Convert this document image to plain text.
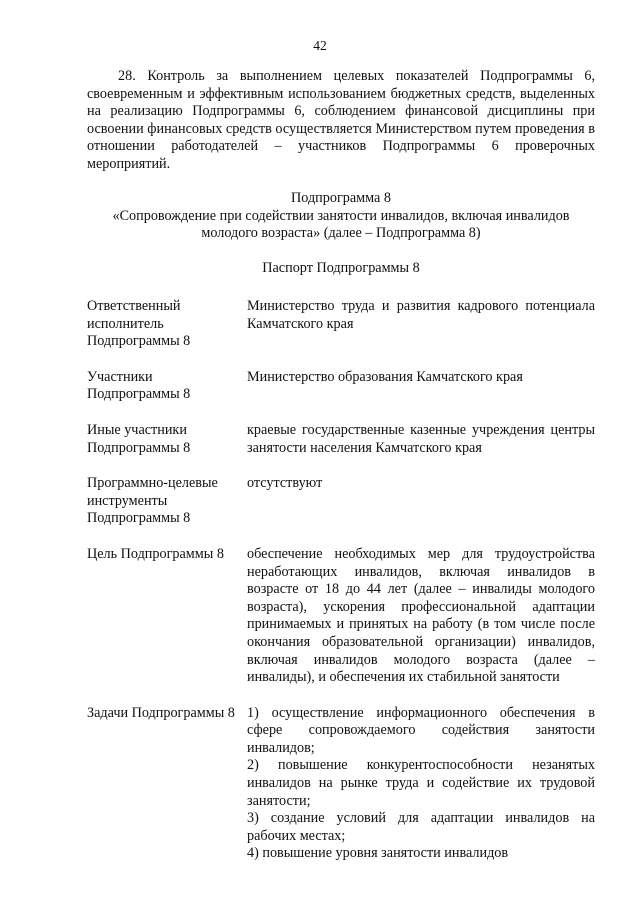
42

28. Контроль за выполнением целевых показателей Подпрограммы 6, своевременным и эффективным использованием бюджетных средств, выделенных на реализацию Подпрограммы 6, соблюдением финансовой дисциплины при освоении финансовых средств осуществляется Министерством путем проведения в отношении работодателей – участников Подпрограммы 6 проверочных мероприятий.

Подпрограмма 8
«Сопровождение при содействии занятости инвалидов, включая инвалидов
молодого возраста» (далее – Подпрограмма 8)
Паспорт Подпрограммы 8
Ответственный исполнитель Подпрограммы 8
Министерство труда и развития кадрового потенциала Камчатского края
Участники Подпрограммы 8
Министерство образования Камчатского края
Иные участники Подпрограммы 8
краевые государственные казенные учреждения центры занятости населения Камчатского края
Программно-целевые инструменты Подпрограммы 8
отсутствуют
Цель Подпрограммы 8	обеспечение необходимых мер для трудоустройства неработающих инвалидов, включая инвалидов в возрасте от 18 до 44 лет (далее – инвалиды молодого возраста), ускорения профессиональной адаптации принимаемых и принятых на работу (в том числе после окончания образовательной организации) инвалидов, включая инвалидов молодого возраста (далее – инвалиды), и обеспечения их стабильной занятости
Задачи Подпрограммы 8 1) осуществление информационного обеспечения в сфере сопровождаемого содействия занятости инвалидов;

2) повышение конкурентоспособности незанятых инвалидов на рынке труда и содействие их трудовой занятости;

3) создание условий для адаптации инвалидов на рабочих местах;

4) повышение уровня занятости инвалидов
